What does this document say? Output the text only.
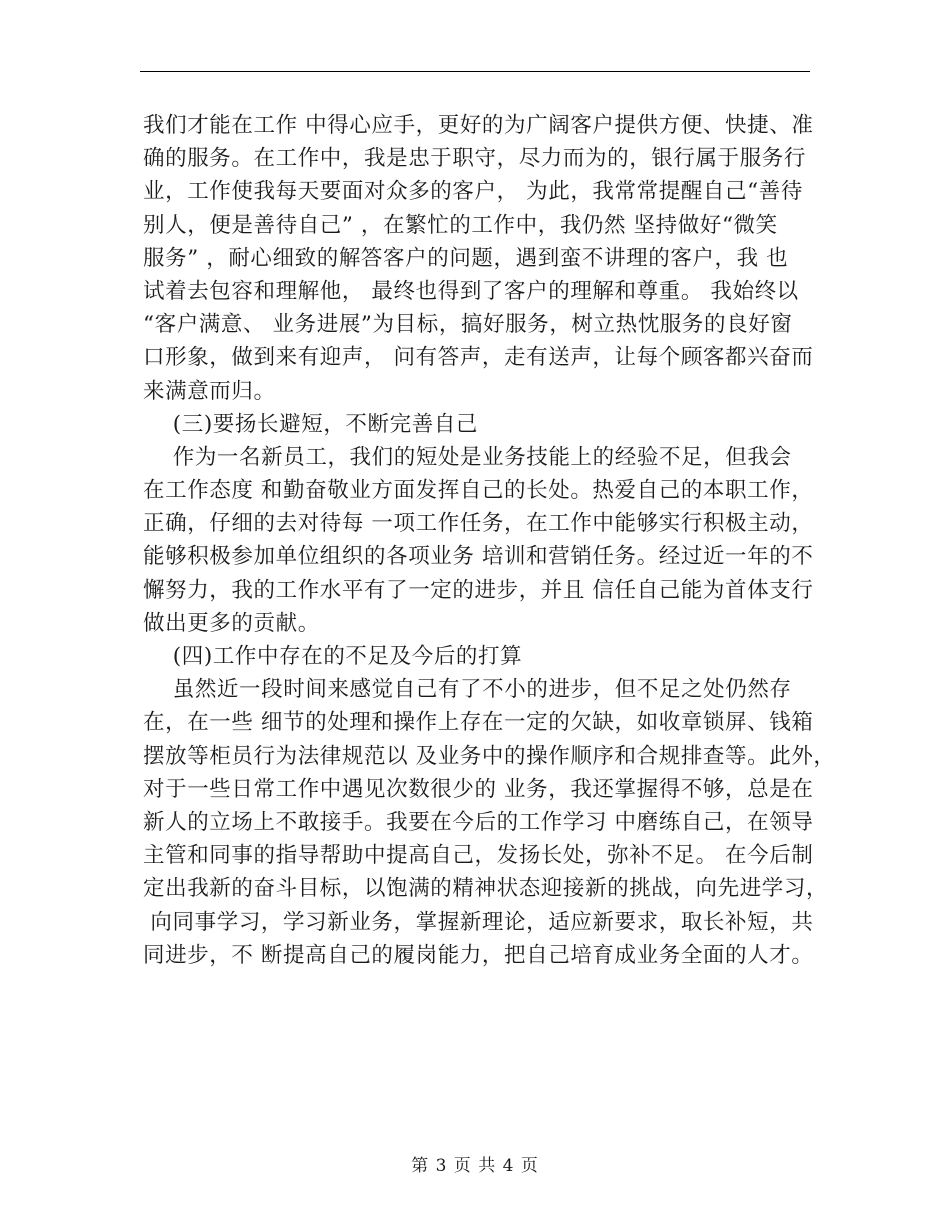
我们才能在工作 中得心应手，更好的为广阔客户提供方便、快捷、准
确的服务。在工作中，我是忠于职守，尽力而为的，银行属于服务行
业，工作使我每天要面对众多的客户， 为此，我常常提醒自己“善待
别人，便是善待自己” ，在繁忙的工作中，我仍然 坚持做好“微笑
服务” ，耐心细致的解答客户的问题，遇到蛮不讲理的客户，我 也
试着去包容和理解他， 最终也得到了客户的理解和尊重。 我始终以
“客户满意、 业务进展”为目标，搞好服务，树立热忱服务的良好窗
口形象，做到来有迎声， 问有答声，走有送声，让每个顾客都兴奋而
来满意而归。
(三)要扬长避短，不断完善自己
作为一名新员工，我们的短处是业务技能上的经验不足，但我会
在工作态度 和勤奋敬业方面发挥自己的长处。热爱自己的本职工作，
正确，仔细的去对待每 一项工作任务，在工作中能够实行积极主动，
能够积极参加单位组织的各项业务 培训和营销任务。经过近一年的不
懈努力，我的工作水平有了一定的进步，并且 信任自己能为首体支行
做出更多的贡献。
(四)工作中存在的不足及今后的打算
虽然近一段时间来感觉自己有了不小的进步，但不足之处仍然存
在，在一些 细节的处理和操作上存在一定的欠缺，如收章锁屏、钱箱
摆放等柜员行为法律规范以 及业务中的操作顺序和合规排查等。此外，
对于一些日常工作中遇见次数很少的 业务，我还掌握得不够，总是在
新人的立场上不敢接手。我要在今后的工作学习 中磨练自己，在领导
主管和同事的指导帮助中提高自己，发扬长处，弥补不足。 在今后制
定出我新的奋斗目标，以饱满的精神状态迎接新的挑战，向先进学习，
向同事学习，学习新业务，掌握新理论，适应新要求，取长补短，共
同进步，不 断提高自己的履岗能力，把自己培育成业务全面的人才。
第 3 页 共 4 页
